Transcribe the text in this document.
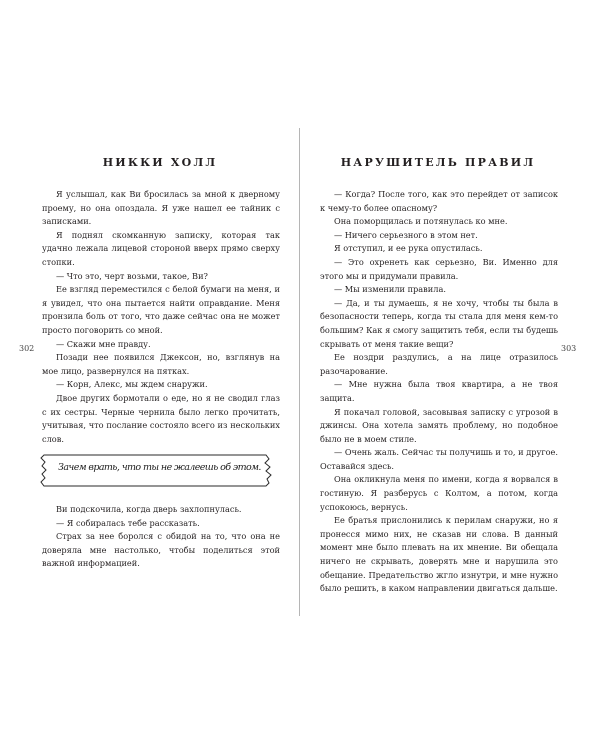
НИККИ ХОЛЛ	НАРУШИТЕЛЬ ПРАВИЛ
302	303

Я услышал, как Ви бросилась за мной к дверному проему, но она опоздала. Я уже нашел ее тайник с записками.

Я поднял скомканную записку, которая так удачно лежала лицевой стороной вверх прямо сверху стопки.

— Что это, черт возьми, такое, Ви?

Ее взгляд переместился с белой бумаги на меня, и я увидел, что она пытается найти оправдание. Меня пронзила боль от того, что даже сейчас она не может просто поговорить со мной.

— Скажи мне правду.

Позади нее появился Джексон, но, взглянув на мое лицо, развернулся на пятках.

— Корн, Алекс, мы ждем снаружи.

Двое других бормотали о еде, но я не сводил глаз с их сестры. Черные чернила было легко прочитать, учитывая, что послание состояло всего из нескольких слов.

Зачем врать, что ты не жалеешь об этом.

Ви подскочила, когда дверь захлопнулась.

— Я собиралась тебе рассказать.

Страх за нее боролся с обидой на то, что она не доверяла мне настолько, чтобы поделиться этой важной информацией.

— Когда? После того, как это перейдет от записок к чему-то более опасному?

Она поморщилась и потянулась ко мне.

— Ничего серьезного в этом нет.

Я отступил, и ее рука опустилась.

— Это охренеть как серьезно, Ви. Именно для этого мы и придумали правила.

— Мы изменили правила.

— Да, и ты думаешь, я не хочу, чтобы ты была в безопасности теперь, когда ты стала для меня кем-то большим? Как я смогу защитить тебя, если ты будешь скрывать от меня такие вещи?

Ее ноздри раздулись, а на лице отразилось разочарование.

— Мне нужна была твоя квартира, а не твоя защита.

Я покачал головой, засовывая записку с угрозой в джинсы. Она хотела замять проблему, но подобное было не в моем стиле.

— Очень жаль. Сейчас ты получишь и то, и другое. Оставайся здесь.

Она окликнула меня по имени, когда я ворвался в гостиную. Я разберусь с Колтом, а потом, когда успокоюсь, вернусь.

Ее братья прислонились к перилам снаружи, но я пронесся мимо них, не сказав ни слова. В данный момент мне было плевать на их мнение. Ви обещала ничего не скрывать, доверять мне и нарушила это обещание. Предательство жгло изнутри, и мне нужно было решить, в каком направлении двигаться дальше.
